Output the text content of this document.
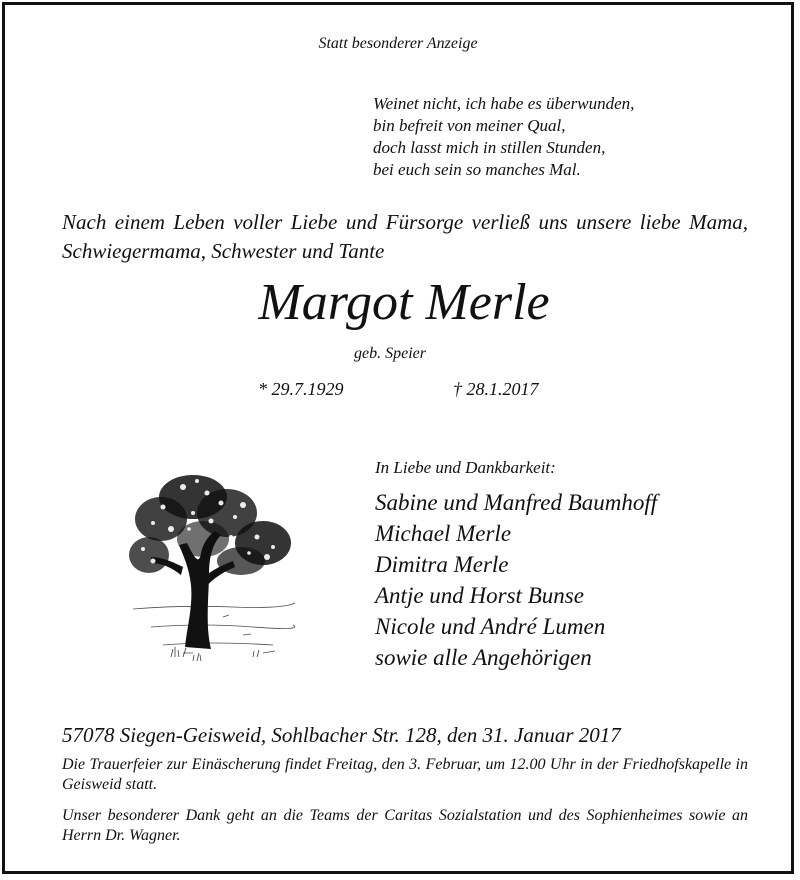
Statt besonderer Anzeige
Weinet nicht, ich habe es überwunden,
bin befreit von meiner Qual,
doch lasst mich in stillen Stunden,
bei euch sein so manches Mal.
Nach einem Leben voller Liebe und Fürsorge verließ uns unsere liebe Mama, Schwiegermama, Schwester und Tante
Margot Merle
geb. Speier
* 29.7.1929	† 28.1.2017
In Liebe und Dankbarkeit:
Sabine und Manfred Baumhoff
Michael Merle
Dimitra Merle
Antje und Horst Bunse
Nicole und André Lumen
sowie alle Angehörigen
57078 Siegen-Geisweid, Sohlbacher Str. 128, den 31. Januar 2017
Die Trauerfeier zur Einäscherung findet Freitag, den 3. Februar, um 12.00 Uhr in der Friedhofskapelle in Geisweid statt.
Unser besonderer Dank geht an die Teams der Caritas Sozialstation und des Sophienheimes sowie an Herrn Dr. Wagner.
